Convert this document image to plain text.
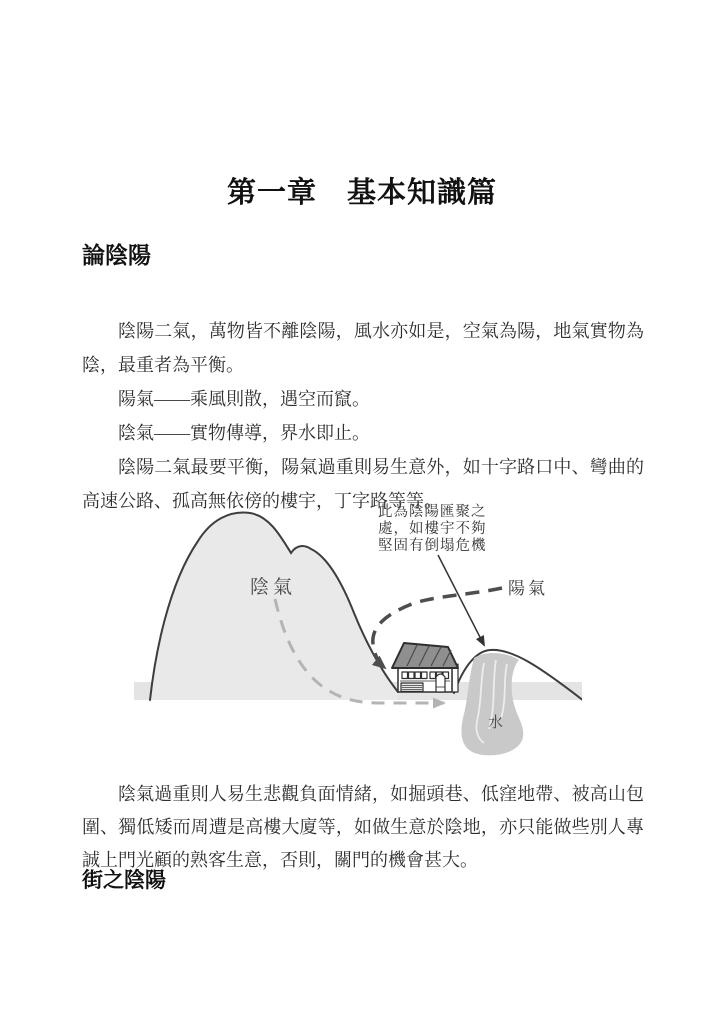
第一章　基本知識篇
論陰陽

陰陽二氣，萬物皆不離陰陽，風水亦如是，空氣為陽，地氣實物為陰，最重者為平衡。

陽氣——乘風則散，遇空而竄。

陰氣——實物傳導，界水即止。

陰陽二氣最要平衡，陽氣過重則易生意外，如十字路口中、彎曲的高速公路、孤高無依傍的樓宇，丁字路等等。

陰氣
水
陽氣
此為陰陽匯聚之
處，如樓宇不夠
堅固有倒塌危機

陰氣過重則人易生悲觀負面情緒，如掘頭巷、低窪地帶、被高山包圍、獨低矮而周遭是高樓大廈等，如做生意於陰地，亦只能做些別人專誠上門光顧的熟客生意，否則，關門的機會甚大。

街之陰陽
